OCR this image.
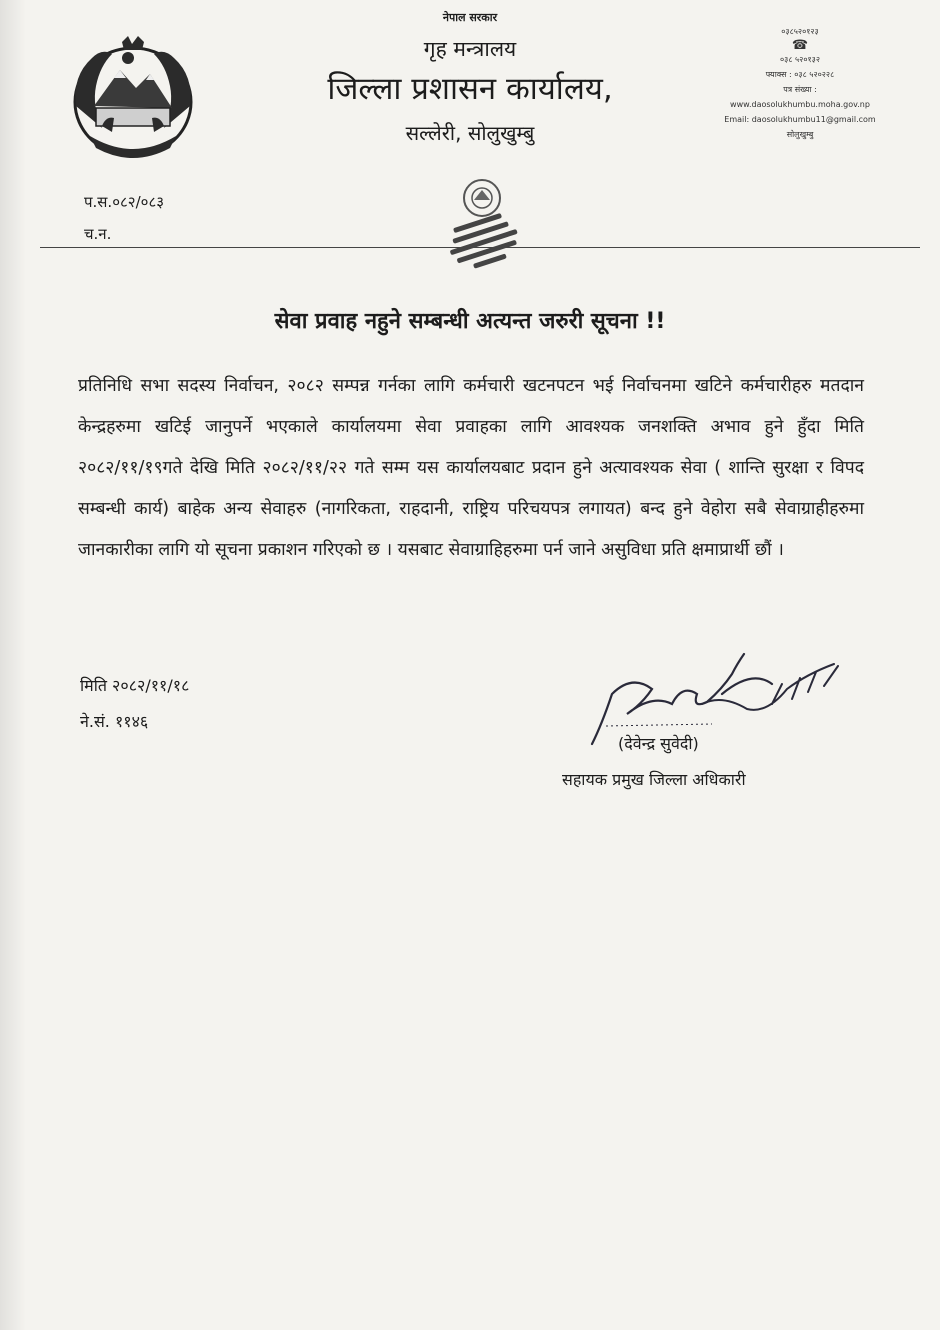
नेपाल सरकार
गृह मन्त्रालय
जिल्ला प्रशासन कार्यालय,
सल्लेरी, सोलुखुम्बु
०३८५२०१२३
☎
०३८ ५२०१३२
फ्याक्स : ०३८ ५२०२२८
पत्र संख्या :
www.daosolukhumbu.moha.gov.np
Email: daosolukhumbu11@gmail.com
सोलुखुम्बु
प.स.०८२/०८३
च.न.
सेवा प्रवाह नहुने सम्बन्धी अत्यन्त जरुरी सूचना !!
प्रतिनिधि सभा सदस्य निर्वाचन, २०८२ सम्पन्न गर्नका लागि कर्मचारी खटनपटन भई निर्वाचनमा खटिने कर्मचारीहरु मतदान केन्द्रहरुमा खटिई जानुपर्ने भएकाले कार्यालयमा सेवा प्रवाहका लागि आवश्यक जनशक्ति अभाव हुने हुँदा मिति २०८२/११/१९गते देखि मिति २०८२/११/२२ गते सम्म यस कार्यालयबाट प्रदान हुने अत्यावश्यक सेवा ( शान्ति सुरक्षा र विपद सम्बन्धी कार्य) बाहेक अन्य सेवाहरु (नागरिकता, राहदानी, राष्ट्रिय परिचयपत्र लगायत) बन्द हुने वेहोरा सबै सेवाग्राहीहरुमा जानकारीका लागि यो सूचना प्रकाशन गरिएको छ । यसबाट सेवाग्राहिहरुमा पर्न जाने असुविधा प्रति क्षमाप्रार्थी छौं ।
मिति २०८२/११/१८
ने.सं. ११४६
(देवेन्द्र सुवेदी)
सहायक प्रमुख जिल्ला अधिकारी
